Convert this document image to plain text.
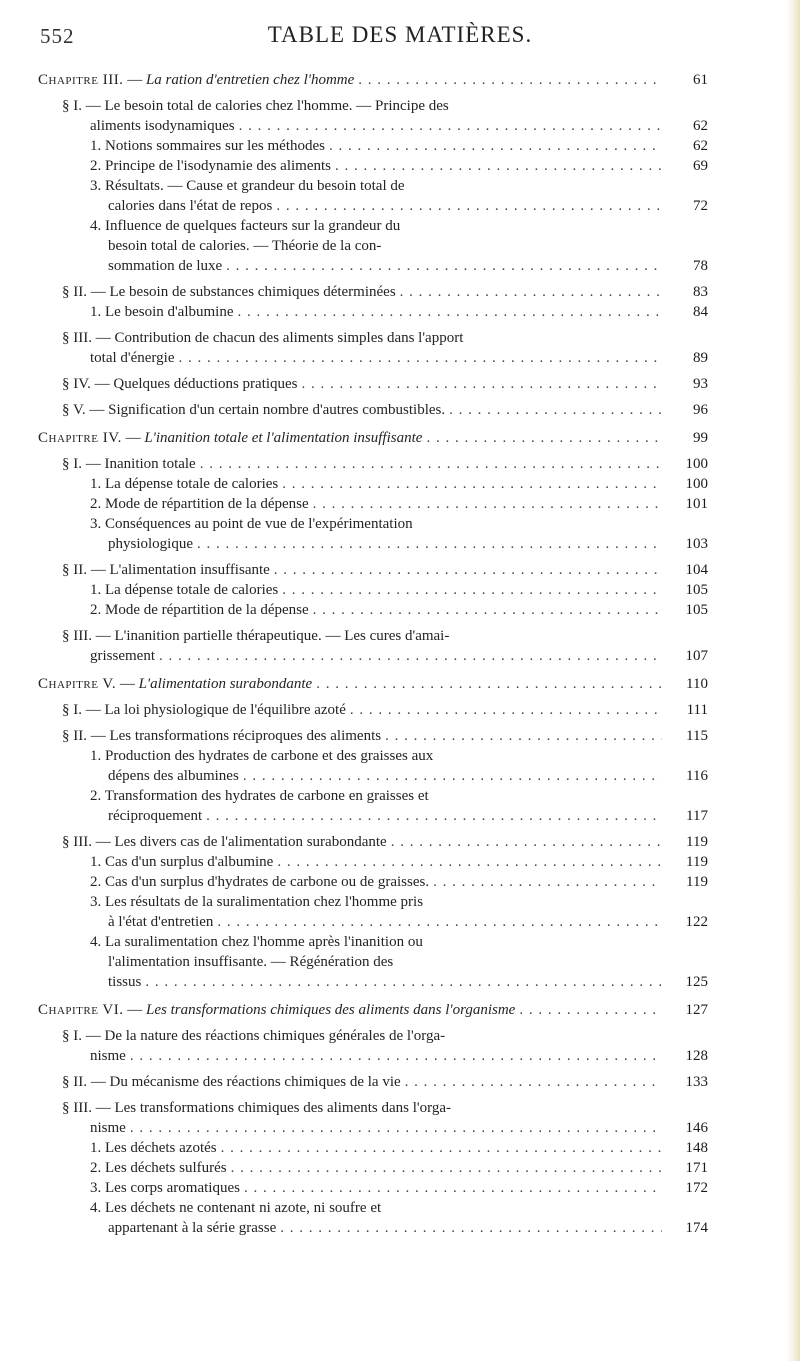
552	TABLE DES MATIÈRES.
Chapitre III. — La ration d'entretien chez l'homme . . .	61
§ I. — Le besoin total de calories chez l'homme. — Principe des
aliments isodynamiques . . .	62
1. Notions sommaires sur les méthodes . . .	62
2. Principe de l'isodynamie des aliments . . .	69
3. Résultats. — Cause et grandeur du besoin total de
calories dans l'état de repos . . .	72
4. Influence de quelques facteurs sur la grandeur du
besoin total de calories. — Théorie de la con-
sommation de luxe . . .	78
§ II. — Le besoin de substances chimiques déterminées . . .	83
1. Le besoin d'albumine . . .	84
§ III. — Contribution de chacun des aliments simples dans l'apport
total d'énergie . . .	89
§ IV. — Quelques déductions pratiques . . .	93
§ V. — Signification d'un certain nombre d'autres combustibles. . . .	96
Chapitre IV. — L'inanition totale et l'alimentation insuffisante . . .	99
§ I. — Inanition totale . . .	100
1. La dépense totale de calories . . .	100
2. Mode de répartition de la dépense . . .	101
3. Conséquences au point de vue de l'expérimentation
physiologique . . .	103
§ II. — L'alimentation insuffisante . . .	104
1. La dépense totale de calories . . .	105
2. Mode de répartition de la dépense . . .	105
§ III. — L'inanition partielle thérapeutique. — Les cures d'amai-
grissement . . .	107
Chapitre V. — L'alimentation surabondante . . .	110
§ I. — La loi physiologique de l'équilibre azoté . . .	111
§ II. — Les transformations réciproques des aliments . . .	115
1. Production des hydrates de carbone et des graisses aux
dépens des albumines . . .	116
2. Transformation des hydrates de carbone en graisses et
réciproquement . . .	117
§ III. — Les divers cas de l'alimentation surabondante . . .	119
1. Cas d'un surplus d'albumine . . .	119
2. Cas d'un surplus d'hydrates de carbone ou de graisses. . . .	119
3. Les résultats de la suralimentation chez l'homme pris
à l'état d'entretien . . .	122
4. La suralimentation chez l'homme après l'inanition ou
l'alimentation insuffisante. — Régénération des
tissus . . .	125
Chapitre VI. — Les transformations chimiques des aliments dans l'organisme . . .	127
§ I. — De la nature des réactions chimiques générales de l'orga-
nisme . . .	128
§ II. — Du mécanisme des réactions chimiques de la vie . . .	133
§ III. — Les transformations chimiques des aliments dans l'orga-
nisme . . .	146
1. Les déchets azotés . . .	148
2. Les déchets sulfurés . . .	171
3. Les corps aromatiques . . .	172
4. Les déchets ne contenant ni azote, ni soufre et
appartenant à la série grasse . . .	174
